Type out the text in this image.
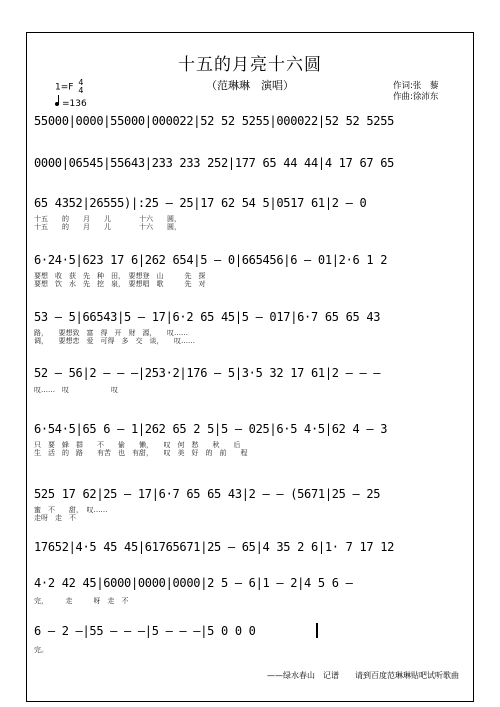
十五的月亮十六圆
（范琳琳　演唱）
1=F 4
4
=136
作词:张　藜
作曲:徐沛东
55000|0000|55000|000022|52 52 5255|000022|52 52 5255
0000|06545|55643|233 233 252|177 65 44 44|4 17 67 65
65 4352|26555)|:25 — 25|17 62 54 5|0517 61|2 — 0
十五　　的　　月　　儿　　　　十六　　圆，
十五　　的　　月　　儿　　　　十六　　圆，
6·24·5|623 17 6|262 654|5 — 0|665456|6 — 01|2·6 1 2
要想　收　获　先　种　田，　要想登　山　　　先　探
要想　饮　水　先　挖　泉，　要想唱　歌　　　先　对
53 — 5|66543|5 — 17|6·2 65 45|5 — 017|6·7 65 65 43
路，　　要想致　富　得　开　财　源，　　叹……
调，　　要想恋　爱　可得　多　交　谈，　　叹……
52 — 56|2 — — —|253·2|176 — 5|3·5 32 17 61|2 — — —
叹……　叹　　　　　　叹
6·54·5|65 6 — 1|262 65 2 5|5 — 025|6·5 4·5|62 4 — 3
只　要　蜂　群　　不　　偷　　懒，　　叹　何　愁　　秋　　后
生　活　的　路　　有苦　也　有甜，　　叹　美　好　的　前　　程
525 17 62|25 — 17|6·7 65 65 43|2 — — (5671|25 — 25
蜜　不　　甜，　叹……
走呀　走　不
17652|4·5 45 45|61765671|25 — 65|4 35 2 6|1· 7 17 12
4·2 42 45|6000|0000|0000|2 5 — 6|1 — 2|4 5 6 —
完，　　　走　　　呀　走　不
6 — 2 —|55 — — —|5 — — —|5 0 0 0
完。
——绿水春山　记谱　　请到百度范琳琳贴吧试听歌曲
